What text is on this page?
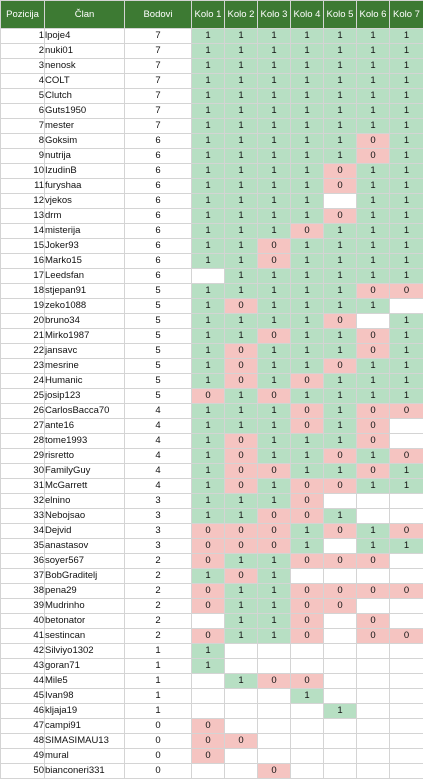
Pozicija	Član	Bodovi	Kolo 1	Kolo 2	Kolo 3	Kolo 4	Kolo 5	Kolo 6	Kolo 7
1	lpoje4	7	1	1	1	1	1	1	1
2	nuki01	7	1	1	1	1	1	1	1
3	nenosk	7	1	1	1	1	1	1	1
4	COLT	7	1	1	1	1	1	1	1
5	Clutch	7	1	1	1	1	1	1	1
6	Guts1950	7	1	1	1	1	1	1	1
7	mester	7	1	1	1	1	1	1	1
8	Goksim	6	1	1	1	1	1	0	1
9	nutrija	6	1	1	1	1	1	0	1
10	IzudinB	6	1	1	1	1	0	1	1
11	furyshaa	6	1	1	1	1	0	1	1
12	vjekos	6	1	1	1	1		1	1
13	drm	6	1	1	1	1	0	1	1
14	misterija	6	1	1	1	0	1	1	1
15	Joker93	6	1	1	0	1	1	1	1
16	Marko15	6	1	1	0	1	1	1	1
17	Leedsfan	6		1	1	1	1	1	1
18	stjepan91	5	1	1	1	1	1	0	0
19	zeko1088	5	1	0	1	1	1	1	
20	bruno34	5	1	1	1	1	0		1
21	Mirko1987	5	1	1	0	1	1	0	1
22	jansavc	5	1	0	1	1	1	0	1
23	mesrine	5	1	0	1	1	0	1	1
24	Humanic	5	1	0	1	0	1	1	1
25	josip123	5	0	1	0	1	1	1	1
26	CarlosBacca70	4	1	1	1	0	1	0	0
27	ante16	4	1	1	1	0	1	0	
28	tome1993	4	1	0	1	1	1	0	
29	risretto	4	1	0	1	1	0	1	0
30	FamilyGuy	4	1	0	0	1	1	0	1
31	McGarrett	4	1	0	1	0	0	1	1
32	elnino	3	1	1	1	0			
33	Nebojsao	3	1	1	0	0	1		
34	Dejvid	3	0	0	0	1	0	1	0
35	anastasov	3	0	0	0	1		1	1
36	soyer567	2	0	1	1	0	0	0	
37	BobGraditelj	2	1	0	1				
38	pena29	2	0	1	1	0	0	0	0
39	Mudrinho	2	0	1	1	0	0		
40	betonator	2		1	1	0		0	
41	sestincan	2	0	1	1	0		0	0
42	Silviyo1302	1	1						
43	goran71	1	1						
44	Mile5	1		1	0	0			
45	Ivan98	1				1			
46	kljaja19	1					1		
47	campi91	0	0						
48	SIMASIMAU13	0	0	0					
49	mural	0	0						
50	bianconeri331	0			0				
